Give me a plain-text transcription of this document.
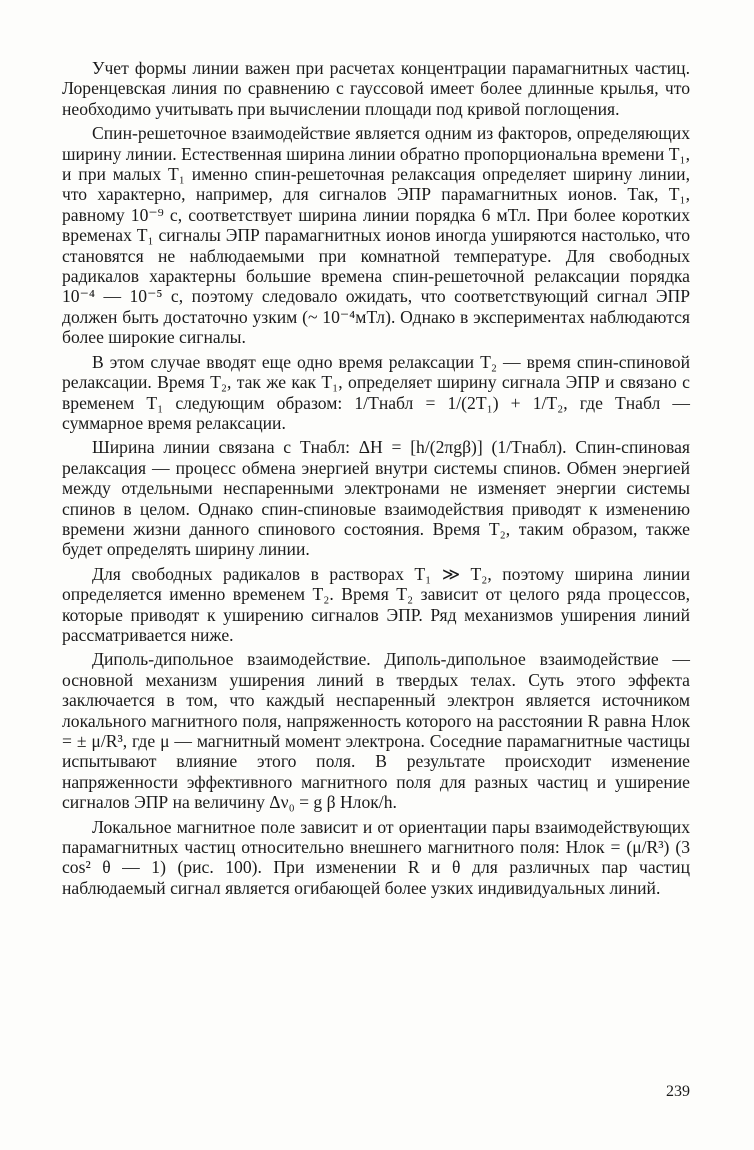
Учет формы линии важен при расчетах концентрации парамагнитных частиц. Лоренцевская линия по сравнению с гауссовой имеет более длинные крылья, что необходимо учитывать при вычислении площади под кривой поглощения.

Спин-решеточное взаимодействие является одним из факторов, определяющих ширину линии. Естественная ширина линии обратно пропорциональна времени T₁, и при малых T₁ именно спин-решеточная релаксация определяет ширину линии, что характерно, например, для сигналов ЭПР парамагнитных ионов. Так, T₁, равному 10⁻⁹ с, соответствует ширина линии порядка 6 мТл. При более коротких временах T₁ сигналы ЭПР парамагнитных ионов иногда уширяются настолько, что становятся не наблюдаемыми при комнатной температуре. Для свободных радикалов характерны большие времена спин-решеточной релаксации порядка 10⁻⁴ — 10⁻⁵ с, поэтому следовало ожидать, что соответствующий сигнал ЭПР должен быть достаточно узким (~ 10⁻⁴мТл). Однако в экспериментах наблюдаются более широкие сигналы.

В этом случае вводят еще одно время релаксации T₂ — время спин-спиновой релаксации. Время T₂, так же как T₁, определяет ширину сигнала ЭПР и связано с временем T₁ следующим образом: 1/Tнабл = 1/(2T₁) + 1/T₂, где Tнабл — суммарное время релаксации.

Ширина линии связана с Tнабл: ΔH = [h/(2πgβ)] (1/Tнабл). Спин-спиновая релаксация — процесс обмена энергией внутри системы спинов. Обмен энергией между отдельными неспаренными электронами не изменяет энергии системы спинов в целом. Однако спин-спиновые взаимодействия приводят к изменению времени жизни данного спинового состояния. Время T₂, таким образом, также будет определять ширину линии.

Для свободных радикалов в растворах T₁ ≫ T₂, поэтому ширина линии определяется именно временем T₂. Время T₂ зависит от целого ряда процессов, которые приводят к уширению сигналов ЭПР. Ряд механизмов уширения линий рассматривается ниже.

Диполь-дипольное взаимодействие. Диполь-дипольное взаимодействие — основной механизм уширения линий в твердых телах. Суть этого эффекта заключается в том, что каждый неспаренный электрон является источником локального магнитного поля, напряженность которого на расстоянии R равна Hлок = ± μ/R³, где μ — магнитный момент электрона. Соседние парамагнитные частицы испытывают влияние этого поля. В результате происходит изменение напряженности эффективного магнитного поля для разных частиц и уширение сигналов ЭПР на величину Δν₀ = g β Hлок/h.

Локальное магнитное поле зависит и от ориентации пары взаимодействующих парамагнитных частиц относительно внешнего магнитного поля: Hлок = (μ/R³) (3 cos² θ — 1) (рис. 100). При изменении R и θ для различных пар частиц наблюдаемый сигнал является огибающей более узких индивидуальных линий.

239
